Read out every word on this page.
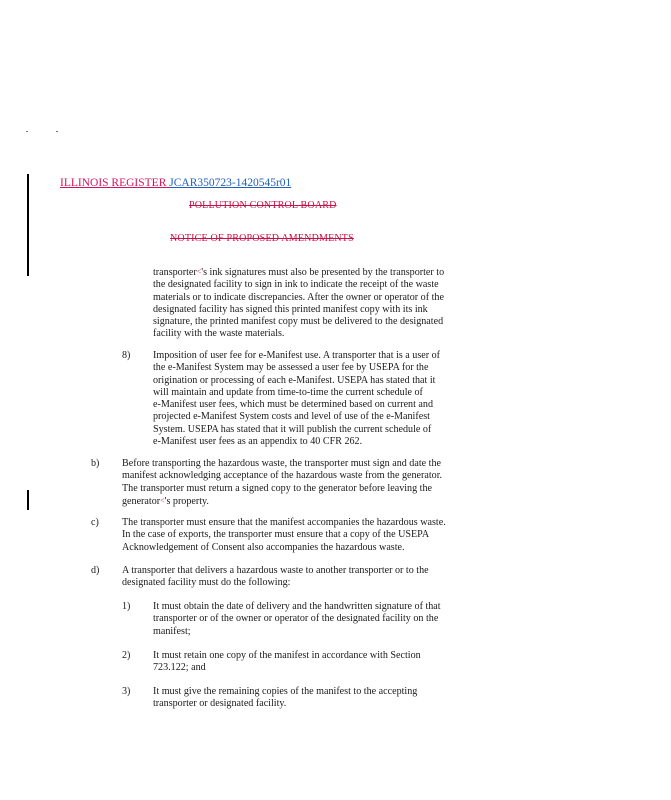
ILLINOIS REGISTER JCAR350723-1420545r01
POLLUTION CONTROL BOARD
NOTICE OF PROPOSED AMENDMENTS
transporter<'s ink signatures must also be presented by the transporter to
the designated facility to sign in ink to indicate the receipt of the waste
materials or to indicate discrepancies. After the owner or operator of the
designated facility has signed this printed manifest copy with its ink
signature, the printed manifest copy must be delivered to the designated
facility with the waste materials.
8) Imposition of user fee for e-Manifest use. A transporter that is a user of
the e-Manifest System may be assessed a user fee by USEPA for the
origination or processing of each e-Manifest. USEPA has stated that it
will maintain and update from time-to-time the current schedule of
e-Manifest user fees, which must be determined based on current and
projected e-Manifest System costs and level of use of the e-Manifest
System. USEPA has stated that it will publish the current schedule of
e-Manifest user fees as an appendix to 40 CFR 262.
b) Before transporting the hazardous waste, the transporter must sign and date the
manifest acknowledging acceptance of the hazardous waste from the generator.
The transporter must return a signed copy to the generator before leaving the
generator<'s property.
c) The transporter must ensure that the manifest accompanies the hazardous waste.
In the case of exports, the transporter must ensure that a copy of the USEPA
Acknowledgement of Consent also accompanies the hazardous waste.
d) A transporter that delivers a hazardous waste to another transporter or to the
designated facility must do the following:
1) It must obtain the date of delivery and the handwritten signature of that
transporter or of the owner or operator of the designated facility on the
manifest;
2) It must retain one copy of the manifest in accordance with Section
723.122; and
3) It must give the remaining copies of the manifest to the accepting
transporter or designated facility.
